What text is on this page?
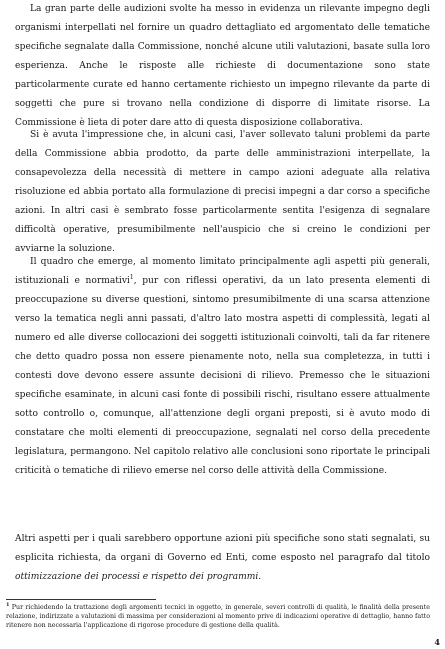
La gran parte delle audizioni svolte ha messo in evidenza un rilevante impegno degli organismi interpellati nel fornire un quadro dettagliato ed argomentato delle tematiche specifiche segnalate dalla Commissione, nonché alcune utili valutazioni, basate sulla loro esperienza. Anche le risposte alle richieste di documentazione sono state particolarmente curate ed hanno certamente richiesto un impegno rilevante da parte di soggetti che pure si trovano nella condizione di disporre di limitate risorse. La Commissione è lieta di poter dare atto di questa disposizione collaborativa.

Si è avuta l'impressione che, in alcuni casi, l'aver sollevato taluni problemi da parte della Commissione abbia prodotto, da parte delle amministrazioni interpellate, la consapevolezza della necessità di mettere in campo azioni adeguate alla relativa risoluzione ed abbia portato alla formulazione di precisi impegni a dar corso a specifiche azioni. In altri casi è sembrato fosse particolarmente sentita l'esigenza di segnalare difficoltà operative, presumibilmente nell'auspicio che si creino le condizioni per avviarne la soluzione.

Il quadro che emerge, al momento limitato principalmente agli aspetti più generali, istituzionali e normativi$^1$, pur con riflessi operativi, da un lato presenta elementi di preoccupazione su diverse questioni, sintomo presumibilmente di una scarsa attenzione verso la tematica negli anni passati, d'altro lato mostra aspetti di complessità, legati al numero ed alle diverse collocazioni dei soggetti istituzionali coinvolti, tali da far ritenere che detto quadro possa non essere pienamente noto, nella sua completezza, in tutti i contesti dove devono essere assunte decisioni di rilievo. Premesso che le situazioni specifiche esaminate, in alcuni casi fonte di possibili rischi, risultano essere attualmente sotto controllo o, comunque, all'attenzione degli organi preposti, si è avuto modo di constatare che molti elementi di preoccupazione, segnalati nel corso della precedente legislatura, permangono. Nel capitolo relativo alle conclusioni sono riportate le principali criticità o tematiche di rilievo emerse nel corso delle attività della Commissione.

Altri aspetti per i quali sarebbero opportune azioni più specifiche sono stati segnalati, su esplicita richiesta, da organi di Governo ed Enti, come esposto nel paragrafo dal titolo ottimizzazione dei processi e rispetto dei programmi.

$^1$ Pur richiedendo la trattazione degli argomenti tecnici in oggetto, in generale, severi controlli di qualità, le finalità della presente relazione, indirizzate a valutazioni di massima per considerazioni al momento prive di indicazioni operative di dettaglio, hanno fatto ritenere non necessaria l'applicazione di rigorose procedure di gestione della qualità.

4
